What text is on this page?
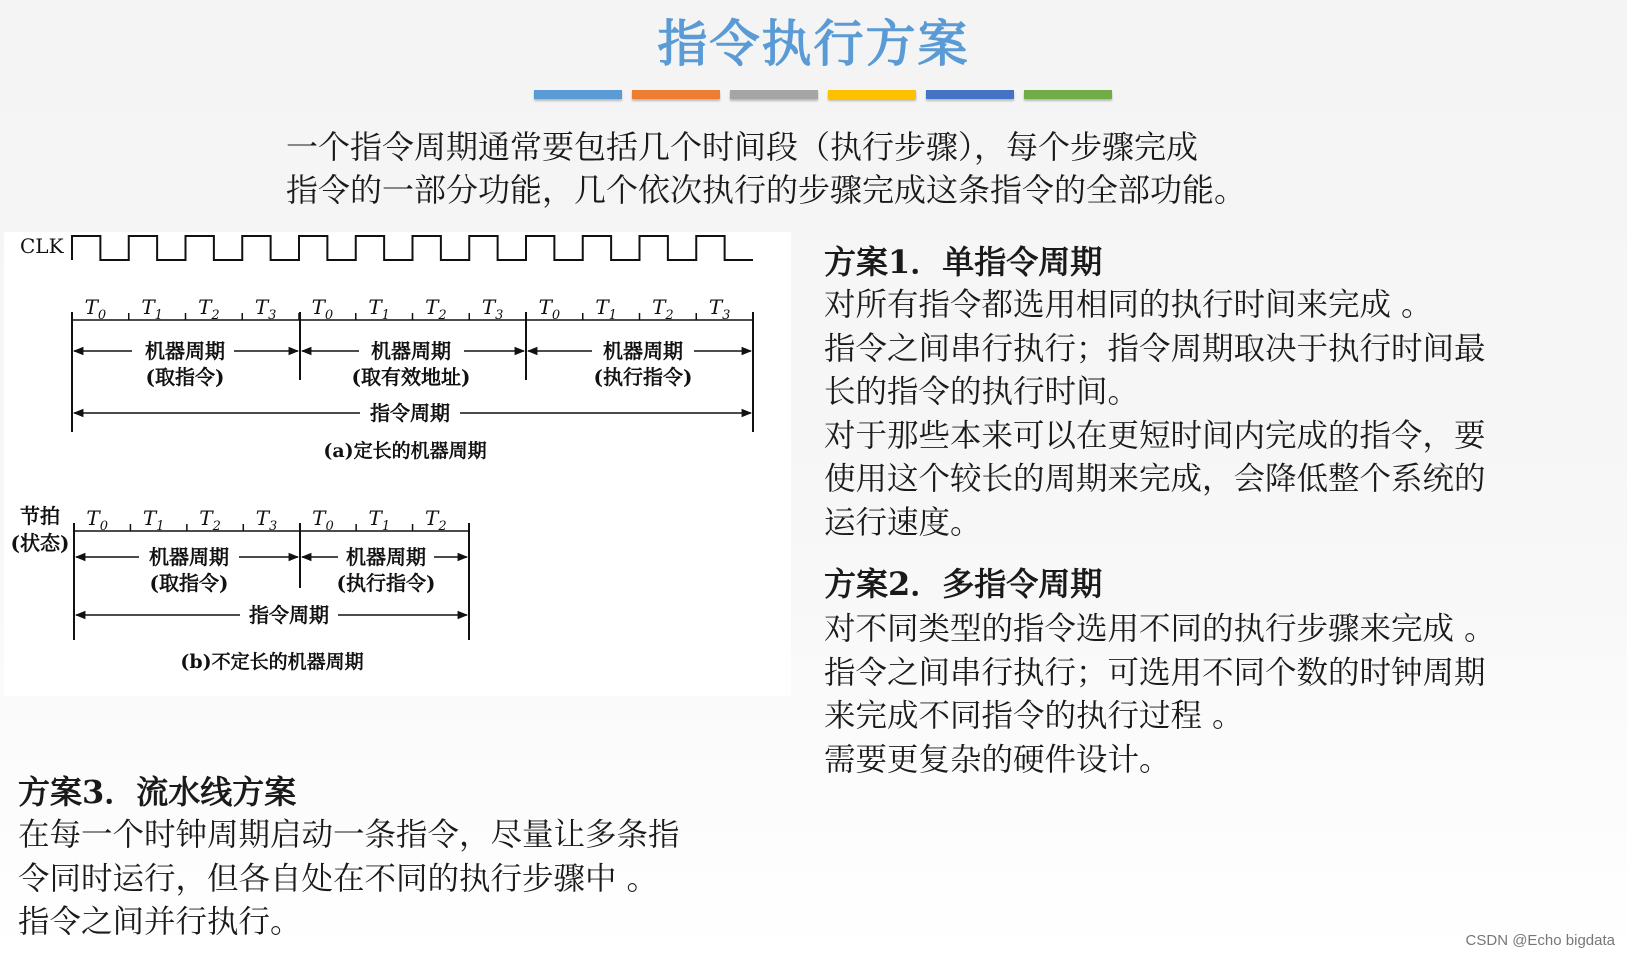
指令执行方案

一个指令周期通常要包括几个时间段（执行步骤），每个步骤完成

指令的一部分功能，几个依次执行的步骤完成这条指令的全部功能。

CLK
$T_0$ $T_1$ $T_2$ $T_3$ $T_0$ $T_1$ $T_2$ $T_3$ $T_0$ $T_1$ $T_2$ $T_3$
机器周期
(取指令)
机器周期
(取有效地址)
机器周期
(执行指令)
指令周期
(a)定长的机器周期
节拍
(状态)
$T_0$ $T_1$ $T_2$ $T_3$ $T_0$ $T_1$ $T_2$
机器周期
(取指令)
机器周期
(执行指令)
指令周期
(b)不定长的机器周期
方案1．单指令周期

对所有指令都选用相同的执行时间来完成 。

指令之间串行执行；指令周期取决于执行时间最

长的指令的执行时间。

对于那些本来可以在更短时间内完成的指令，要

使用这个较长的周期来完成，会降低整个系统的

运行速度。

方案2．多指令周期

对不同类型的指令选用不同的执行步骤来完成 。

指令之间串行执行；可选用不同个数的时钟周期

来完成不同指令的执行过程 。

需要更复杂的硬件设计。

方案3．流水线方案

在每一个时钟周期启动一条指令，尽量让多条指

令同时运行，但各自处在不同的执行步骤中 。

指令之间并行执行。

CSDN @Echo bigdata
